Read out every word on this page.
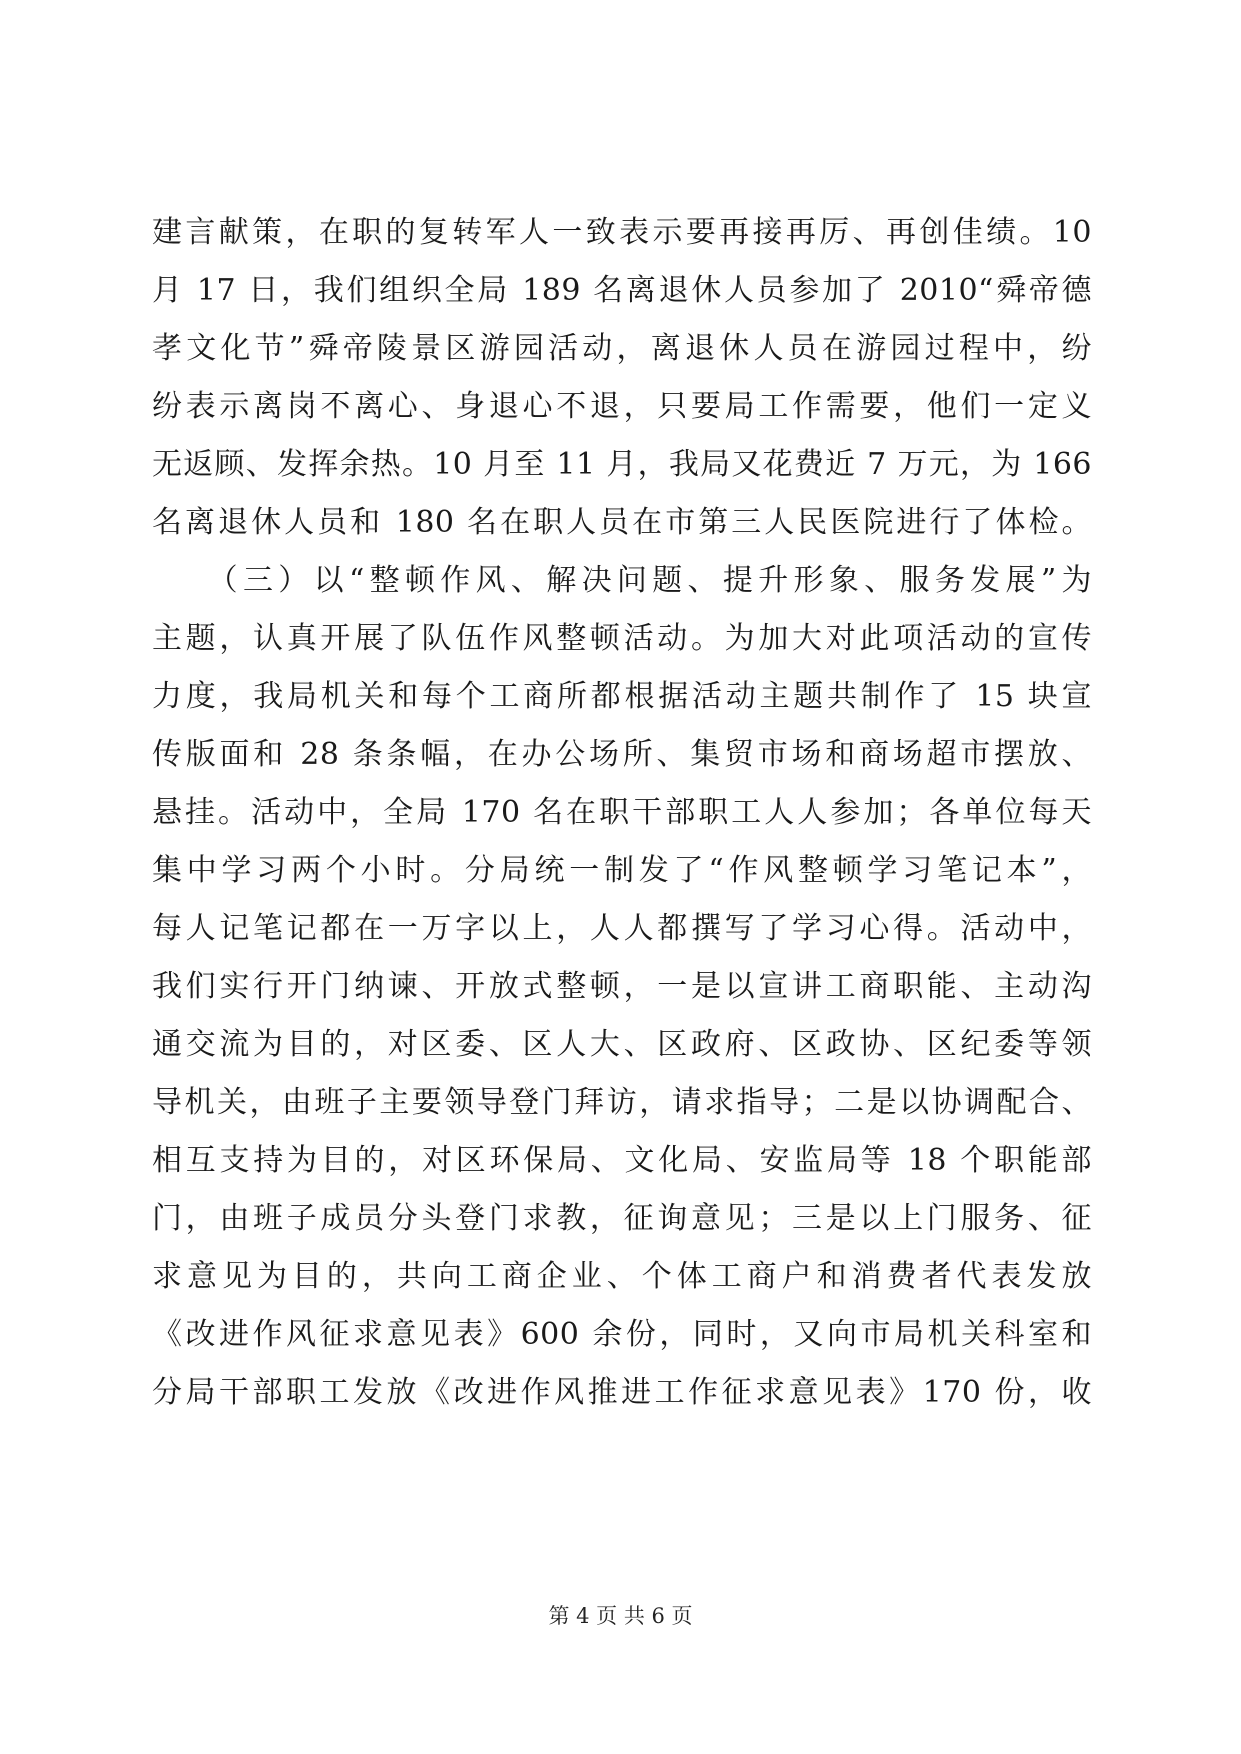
建言献策，在职的复转军人一致表示要再接再厉、再创佳绩。10
月 17 日，我们组织全局 189 名离退休人员参加了 2010“舜帝德
孝文化节”舜帝陵景区游园活动，离退休人员在游园过程中，纷
纷表示离岗不离心、身退心不退，只要局工作需要，他们一定义
无返顾、发挥余热。10 月至 11 月，我局又花费近 7 万元，为 166
名离退休人员和 180 名在职人员在市第三人民医院进行了体检。
　　（三）以“整顿作风、解决问题、提升形象、服务发展”为
主题，认真开展了队伍作风整顿活动。为加大对此项活动的宣传
力度，我局机关和每个工商所都根据活动主题共制作了 15 块宣
传版面和 28 条条幅，在办公场所、集贸市场和商场超市摆放、
悬挂。活动中，全局 170 名在职干部职工人人参加；各单位每天
集中学习两个小时。分局统一制发了“作风整顿学习笔记本”，
每人记笔记都在一万字以上，人人都撰写了学习心得。活动中，
我们实行开门纳谏、开放式整顿，一是以宣讲工商职能、主动沟
通交流为目的，对区委、区人大、区政府、区政协、区纪委等领
导机关，由班子主要领导登门拜访，请求指导；二是以协调配合、
相互支持为目的，对区环保局、文化局、安监局等 18 个职能部
门，由班子成员分头登门求教，征询意见；三是以上门服务、征
求意见为目的，共向工商企业、个体工商户和消费者代表发放
《改进作风征求意见表》600 余份，同时，又向市局机关科室和
分局干部职工发放《改进作风推进工作征求意见表》170 份，收
第 4 页 共 6 页
